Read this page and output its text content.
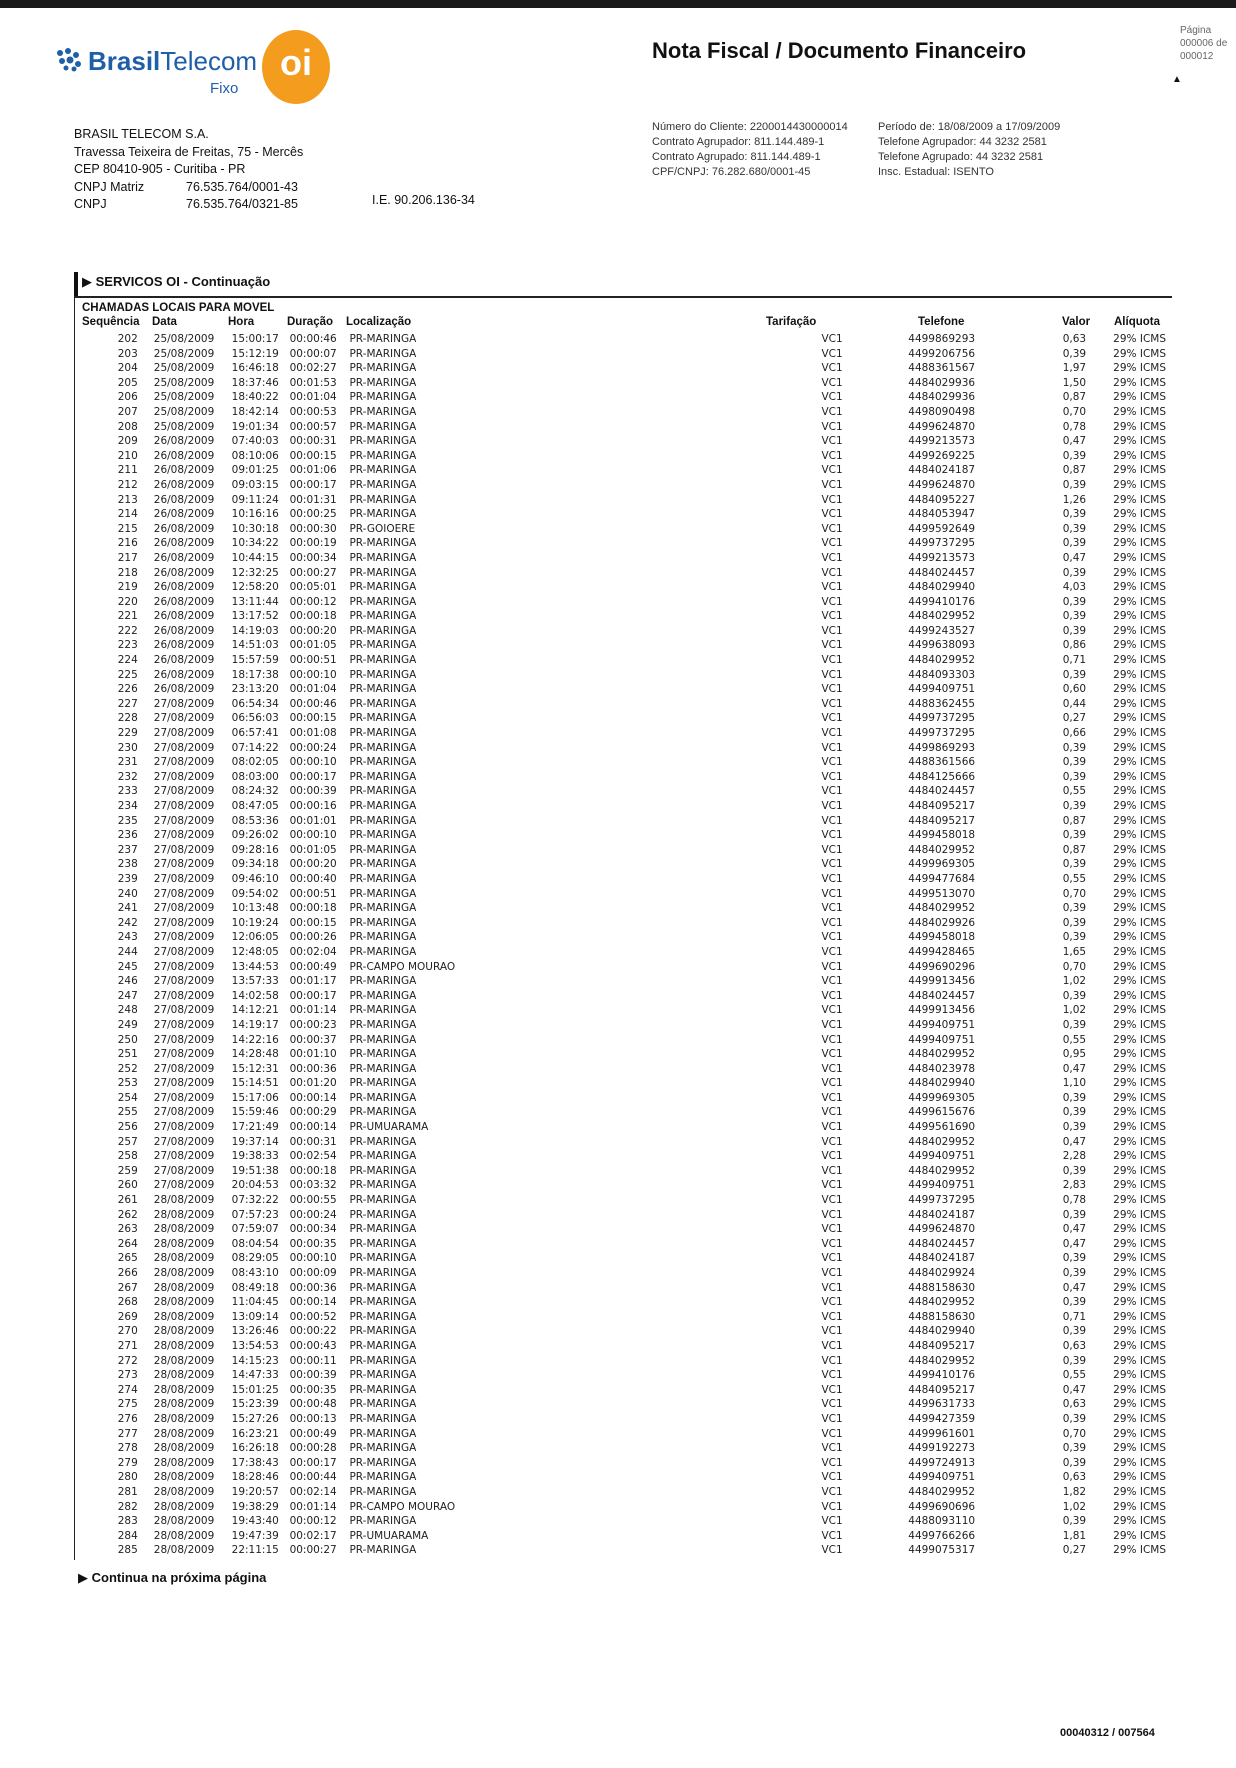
BrasilTelecom
Fixo
oi	Nota Fiscal / Documento Financeiro
Página
000006 de
000012
▲
BRASIL TELECOM S.A.
Travessa Teixeira de Freitas, 75 - Mercês
CEP 80410-905 - Curitiba - PR
CNPJ Matriz	76.535.764/0001-43
CNPJ	76.535.764/0321-85	I.E. 90.206.136-34
Número do Cliente: 2200014430000014
Contrato Agrupador: 811.144.489-1
Contrato Agrupado: 811.144.489-1
CPF/CNPJ: 76.282.680/0001-45
Período de: 18/08/2009 a 17/09/2009
Telefone Agrupador: 44 3232 2581
Telefone Agrupado: 44 3232 2581
Insc. Estadual: ISENTO
▶ SERVICOS OI - Continuação
CHAMADAS LOCAIS PARA MOVEL
Sequência Data	Hora	Duração Localização	Tarifação	Telefone	Valor Alíquota
202	25/08/2009	15:00:17	00:00:46	PR-MARINGA	VC1	4499869293	0,63	29% ICMS
203	25/08/2009	15:12:19	00:00:07	PR-MARINGA	VC1	4499206756	0,39	29% ICMS
204	25/08/2009	16:46:18	00:02:27	PR-MARINGA	VC1	4488361567	1,97	29% ICMS
205	25/08/2009	18:37:46	00:01:53	PR-MARINGA	VC1	4484029936	1,50	29% ICMS
206	25/08/2009	18:40:22	00:01:04	PR-MARINGA	VC1	4484029936	0,87	29% ICMS
207	25/08/2009	18:42:14	00:00:53	PR-MARINGA	VC1	4498090498	0,70	29% ICMS
208	25/08/2009	19:01:34	00:00:57	PR-MARINGA	VC1	4499624870	0,78	29% ICMS
209	26/08/2009	07:40:03	00:00:31	PR-MARINGA	VC1	4499213573	0,47	29% ICMS
210	26/08/2009	08:10:06	00:00:15	PR-MARINGA	VC1	4499269225	0,39	29% ICMS
211	26/08/2009	09:01:25	00:01:06	PR-MARINGA	VC1	4484024187	0,87	29% ICMS
212	26/08/2009	09:03:15	00:00:17	PR-MARINGA	VC1	4499624870	0,39	29% ICMS
213	26/08/2009	09:11:24	00:01:31	PR-MARINGA	VC1	4484095227	1,26	29% ICMS
214	26/08/2009	10:16:16	00:00:25	PR-MARINGA	VC1	4484053947	0,39	29% ICMS
215	26/08/2009	10:30:18	00:00:30	PR-GOIOERE	VC1	4499592649	0,39	29% ICMS
216	26/08/2009	10:34:22	00:00:19	PR-MARINGA	VC1	4499737295	0,39	29% ICMS
217	26/08/2009	10:44:15	00:00:34	PR-MARINGA	VC1	4499213573	0,47	29% ICMS
218	26/08/2009	12:32:25	00:00:27	PR-MARINGA	VC1	4484024457	0,39	29% ICMS
219	26/08/2009	12:58:20	00:05:01	PR-MARINGA	VC1	4484029940	4,03	29% ICMS
220	26/08/2009	13:11:44	00:00:12	PR-MARINGA	VC1	4499410176	0,39	29% ICMS
221	26/08/2009	13:17:52	00:00:18	PR-MARINGA	VC1	4484029952	0,39	29% ICMS
222	26/08/2009	14:19:03	00:00:20	PR-MARINGA	VC1	4499243527	0,39	29% ICMS
223	26/08/2009	14:51:03	00:01:05	PR-MARINGA	VC1	4499638093	0,86	29% ICMS
224	26/08/2009	15:57:59	00:00:51	PR-MARINGA	VC1	4484029952	0,71	29% ICMS
225	26/08/2009	18:17:38	00:00:10	PR-MARINGA	VC1	4484093303	0,39	29% ICMS
226	26/08/2009	23:13:20	00:01:04	PR-MARINGA	VC1	4499409751	0,60	29% ICMS
227	27/08/2009	06:54:34	00:00:46	PR-MARINGA	VC1	4488362455	0,44	29% ICMS
228	27/08/2009	06:56:03	00:00:15	PR-MARINGA	VC1	4499737295	0,27	29% ICMS
229	27/08/2009	06:57:41	00:01:08	PR-MARINGA	VC1	4499737295	0,66	29% ICMS
230	27/08/2009	07:14:22	00:00:24	PR-MARINGA	VC1	4499869293	0,39	29% ICMS
231	27/08/2009	08:02:05	00:00:10	PR-MARINGA	VC1	4488361566	0,39	29% ICMS
232	27/08/2009	08:03:00	00:00:17	PR-MARINGA	VC1	4484125666	0,39	29% ICMS
233	27/08/2009	08:24:32	00:00:39	PR-MARINGA	VC1	4484024457	0,55	29% ICMS
234	27/08/2009	08:47:05	00:00:16	PR-MARINGA	VC1	4484095217	0,39	29% ICMS
235	27/08/2009	08:53:36	00:01:01	PR-MARINGA	VC1	4484095217	0,87	29% ICMS
236	27/08/2009	09:26:02	00:00:10	PR-MARINGA	VC1	4499458018	0,39	29% ICMS
237	27/08/2009	09:28:16	00:01:05	PR-MARINGA	VC1	4484029952	0,87	29% ICMS
238	27/08/2009	09:34:18	00:00:20	PR-MARINGA	VC1	4499969305	0,39	29% ICMS
239	27/08/2009	09:46:10	00:00:40	PR-MARINGA	VC1	4499477684	0,55	29% ICMS
240	27/08/2009	09:54:02	00:00:51	PR-MARINGA	VC1	4499513070	0,70	29% ICMS
241	27/08/2009	10:13:48	00:00:18	PR-MARINGA	VC1	4484029952	0,39	29% ICMS
242	27/08/2009	10:19:24	00:00:15	PR-MARINGA	VC1	4484029926	0,39	29% ICMS
243	27/08/2009	12:06:05	00:00:26	PR-MARINGA	VC1	4499458018	0,39	29% ICMS
244	27/08/2009	12:48:05	00:02:04	PR-MARINGA	VC1	4499428465	1,65	29% ICMS
245	27/08/2009	13:44:53	00:00:49	PR-CAMPO MOURAO	VC1	4499690296	0,70	29% ICMS
246	27/08/2009	13:57:33	00:01:17	PR-MARINGA	VC1	4499913456	1,02	29% ICMS
247	27/08/2009	14:02:58	00:00:17	PR-MARINGA	VC1	4484024457	0,39	29% ICMS
248	27/08/2009	14:12:21	00:01:14	PR-MARINGA	VC1	4499913456	1,02	29% ICMS
249	27/08/2009	14:19:17	00:00:23	PR-MARINGA	VC1	4499409751	0,39	29% ICMS
250	27/08/2009	14:22:16	00:00:37	PR-MARINGA	VC1	4499409751	0,55	29% ICMS
251	27/08/2009	14:28:48	00:01:10	PR-MARINGA	VC1	4484029952	0,95	29% ICMS
252	27/08/2009	15:12:31	00:00:36	PR-MARINGA	VC1	4484023978	0,47	29% ICMS
253	27/08/2009	15:14:51	00:01:20	PR-MARINGA	VC1	4484029940	1,10	29% ICMS
254	27/08/2009	15:17:06	00:00:14	PR-MARINGA	VC1	4499969305	0,39	29% ICMS
255	27/08/2009	15:59:46	00:00:29	PR-MARINGA	VC1	4499615676	0,39	29% ICMS
256	27/08/2009	17:21:49	00:00:14	PR-UMUARAMA	VC1	4499561690	0,39	29% ICMS
257	27/08/2009	19:37:14	00:00:31	PR-MARINGA	VC1	4484029952	0,47	29% ICMS
258	27/08/2009	19:38:33	00:02:54	PR-MARINGA	VC1	4499409751	2,28	29% ICMS
259	27/08/2009	19:51:38	00:00:18	PR-MARINGA	VC1	4484029952	0,39	29% ICMS
260	27/08/2009	20:04:53	00:03:32	PR-MARINGA	VC1	4499409751	2,83	29% ICMS
261	28/08/2009	07:32:22	00:00:55	PR-MARINGA	VC1	4499737295	0,78	29% ICMS
262	28/08/2009	07:57:23	00:00:24	PR-MARINGA	VC1	4484024187	0,39	29% ICMS
263	28/08/2009	07:59:07	00:00:34	PR-MARINGA	VC1	4499624870	0,47	29% ICMS
264	28/08/2009	08:04:54	00:00:35	PR-MARINGA	VC1	4484024457	0,47	29% ICMS
265	28/08/2009	08:29:05	00:00:10	PR-MARINGA	VC1	4484024187	0,39	29% ICMS
266	28/08/2009	08:43:10	00:00:09	PR-MARINGA	VC1	4484029924	0,39	29% ICMS
267	28/08/2009	08:49:18	00:00:36	PR-MARINGA	VC1	4488158630	0,47	29% ICMS
268	28/08/2009	11:04:45	00:00:14	PR-MARINGA	VC1	4484029952	0,39	29% ICMS
269	28/08/2009	13:09:14	00:00:52	PR-MARINGA	VC1	4488158630	0,71	29% ICMS
270	28/08/2009	13:26:46	00:00:22	PR-MARINGA	VC1	4484029940	0,39	29% ICMS
271	28/08/2009	13:54:53	00:00:43	PR-MARINGA	VC1	4484095217	0,63	29% ICMS
272	28/08/2009	14:15:23	00:00:11	PR-MARINGA	VC1	4484029952	0,39	29% ICMS
273	28/08/2009	14:47:33	00:00:39	PR-MARINGA	VC1	4499410176	0,55	29% ICMS
274	28/08/2009	15:01:25	00:00:35	PR-MARINGA	VC1	4484095217	0,47	29% ICMS
275	28/08/2009	15:23:39	00:00:48	PR-MARINGA	VC1	4499631733	0,63	29% ICMS
276	28/08/2009	15:27:26	00:00:13	PR-MARINGA	VC1	4499427359	0,39	29% ICMS
277	28/08/2009	16:23:21	00:00:49	PR-MARINGA	VC1	4499961601	0,70	29% ICMS
278	28/08/2009	16:26:18	00:00:28	PR-MARINGA	VC1	4499192273	0,39	29% ICMS
279	28/08/2009	17:38:43	00:00:17	PR-MARINGA	VC1	4499724913	0,39	29% ICMS
280	28/08/2009	18:28:46	00:00:44	PR-MARINGA	VC1	4499409751	0,63	29% ICMS
281	28/08/2009	19:20:57	00:02:14	PR-MARINGA	VC1	4484029952	1,82	29% ICMS
282	28/08/2009	19:38:29	00:01:14	PR-CAMPO MOURAO	VC1	4499690696	1,02	29% ICMS
283	28/08/2009	19:43:40	00:00:12	PR-MARINGA	VC1	4488093110	0,39	29% ICMS
284	28/08/2009	19:47:39	00:02:17	PR-UMUARAMA	VC1	4499766266	1,81	29% ICMS
285	28/08/2009	22:11:15	00:00:27	PR-MARINGA	VC1	4499075317	0,27	29% ICMS
▶ Continua na próxima página
00040312 / 007564
